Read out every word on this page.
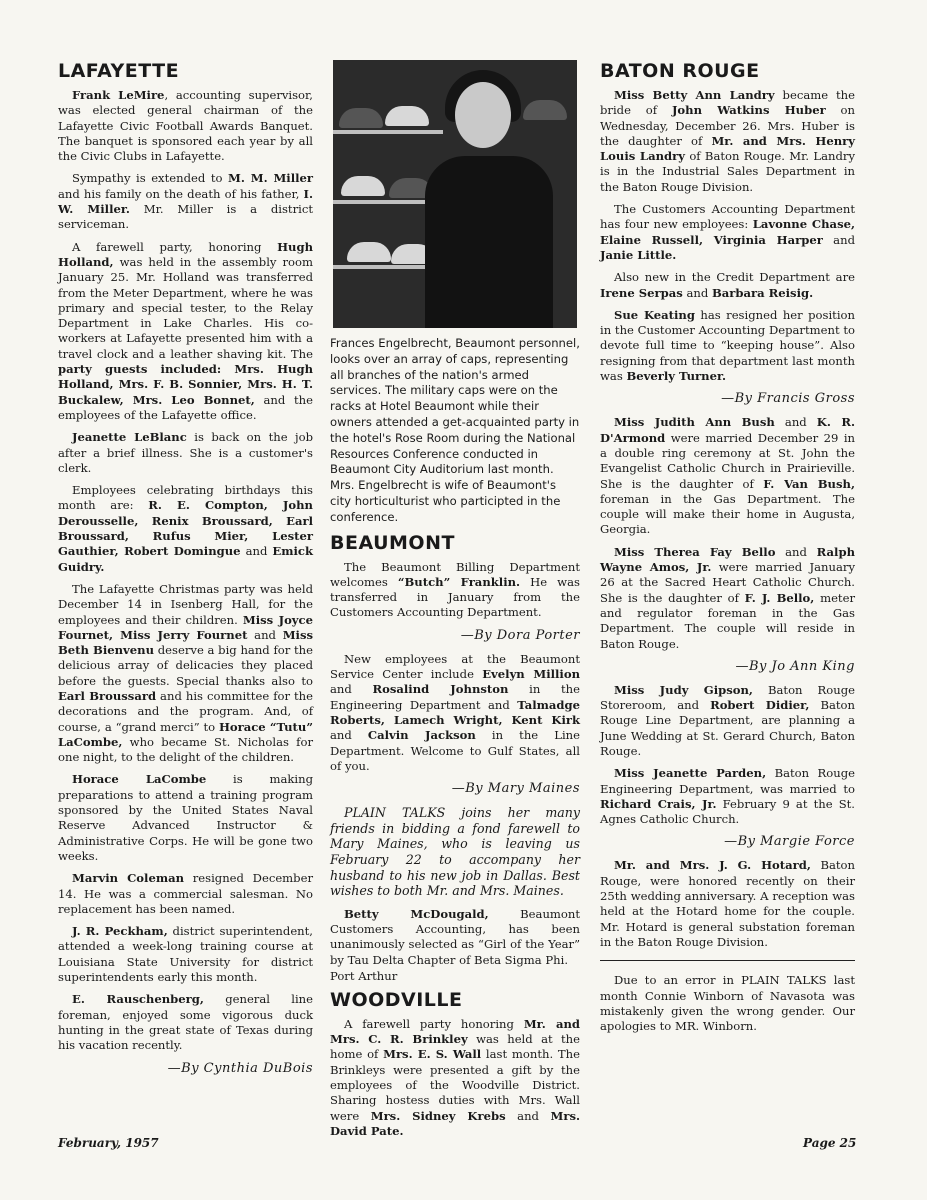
LAFAYETTE

Frank LeMire, accounting supervisor, was elected general chairman of the Lafayette Civic Football Awards Banquet. The banquet is sponsored each year by all the Civic Clubs in Lafayette.

Sympathy is extended to M. M. Miller and his family on the death of his father, I. W. Miller. Mr. Miller is a district serviceman.

A farewell party, honoring Hugh Holland, was held in the assembly room January 25. Mr. Holland was transferred from the Meter Department, where he was primary and special tester, to the Relay Department in Lake Charles. His co-workers at Lafayette presented him with a travel clock and a leather shaving kit. The party guests included: Mrs. Hugh Holland, Mrs. F. B. Sonnier, Mrs. H. T. Buckalew, Mrs. Leo Bonnet, and the employees of the Lafayette office.

Jeanette LeBlanc is back on the job after a brief illness. She is a customer's clerk.

Employees celebrating birthdays this month are: R. E. Compton, John Derousselle, Renix Broussard, Earl Broussard, Rufus Mier, Lester Gauthier, Robert Domingue and Emick Guidry.

The Lafayette Christmas party was held December 14 in Isenberg Hall, for the employees and their children. Miss Joyce Fournet, Miss Jerry Fournet and Miss Beth Bienvenu deserve a big hand for the delicious array of delicacies they placed before the guests. Special thanks also to Earl Broussard and his committee for the decorations and the program. And, of course, a “grand merci” to Horace “Tutu” LaCombe, who became St. Nicholas for one night, to the delight of the children.

Horace LaCombe is making preparations to attend a training program sponsored by the United States Naval Reserve Advanced Instructor & Administrative Corps. He will be gone two weeks.

Marvin Coleman resigned December 14. He was a commercial salesman. No replacement has been named.

J. R. Peckham, district superintendent, attended a week-long training course at Louisiana State University for district superintendents early this month.

E. Rauschenberg, general line foreman, enjoyed some vigorous duck hunting in the great state of Texas during his vacation recently.

—By Cynthia DuBois
Frances Engelbrecht, Beaumont personnel, looks over an array of caps, representing all branches of the nation's armed services. The military caps were on the racks at Hotel Beaumont while their owners attended a get-acquainted party in the hotel's Rose Room during the National Resources Conference conducted in Beaumont City Auditorium last month. Mrs. Engelbrecht is wife of Beaumont's city horticulturist who participted in the conference.
BEAUMONT

The Beaumont Billing Department welcomes “Butch” Franklin. He was transferred in January from the Customers Accounting Department.

—By Dora Porter

New employees at the Beaumont Service Center include Evelyn Million and Rosalind Johnston in the Engineering Department and Talmadge Roberts, Lamech Wright, Kent Kirk and Calvin Jackson in the Line Department. Welcome to Gulf States, all of you.

—By Mary Maines

PLAIN TALKS joins her many friends in bidding a fond farewell to Mary Maines, who is leaving us February 22 to accompany her husband to his new job in Dallas. Best wishes to both Mr. and Mrs. Maines.

Betty McDougald, Beaumont Customers Accounting, has been unanimously selected as “Girl of the Year” by Tau Delta Chapter of Beta Sigma Phi.

Port Arthur
WOODVILLE

A farewell party honoring Mr. and Mrs. C. R. Brinkley was held at the home of Mrs. E. S. Wall last month. The Brinkleys were presented a gift by the employees of the Woodville District. Sharing hostess duties with Mrs. Wall were Mrs. Sidney Krebs and Mrs. David Pate.

BATON ROUGE

Miss Betty Ann Landry became the bride of John Watkins Huber on Wednesday, December 26. Mrs. Huber is the daughter of Mr. and Mrs. Henry Louis Landry of Baton Rouge. Mr. Landry is in the Industrial Sales Department in the Baton Rouge Division.

The Customers Accounting Department has four new employees: Lavonne Chase, Elaine Russell, Virginia Harper and Janie Little.

Also new in the Credit Department are Irene Serpas and Barbara Reisig.

Sue Keating has resigned her position in the Customer Accounting Department to devote full time to “keeping house”. Also resigning from that department last month was Beverly Turner.

—By Francis Gross

Miss Judith Ann Bush and K. R. D'Armond were married December 29 in a double ring ceremony at St. John the Evangelist Catholic Church in Prairieville. She is the daughter of F. Van Bush, foreman in the Gas Department. The couple will make their home in Augusta, Georgia.

Miss Therea Fay Bello and Ralph Wayne Amos, Jr. were married January 26 at the Sacred Heart Catholic Church. She is the daughter of F. J. Bello, meter and regulator foreman in the Gas Department. The couple will reside in Baton Rouge.

—By Jo Ann King

Miss Judy Gipson, Baton Rouge Storeroom, and Robert Didier, Baton Rouge Line Department, are planning a June Wedding at St. Gerard Church, Baton Rouge.

Miss Jeanette Parden, Baton Rouge Engineering Department, was married to Richard Crais, Jr. February 9 at the St. Agnes Catholic Church.

—By Margie Force

Mr. and Mrs. J. G. Hotard, Baton Rouge, were honored recently on their 25th wedding anniversary. A reception was held at the Hotard home for the couple. Mr. Hotard is general substation foreman in the Baton Rouge Division.

Due to an error in PLAIN TALKS last month Connie Winborn of Navasota was mistakenly given the wrong gender. Our apologies to MR. Winborn.

February, 1957	Page 25
